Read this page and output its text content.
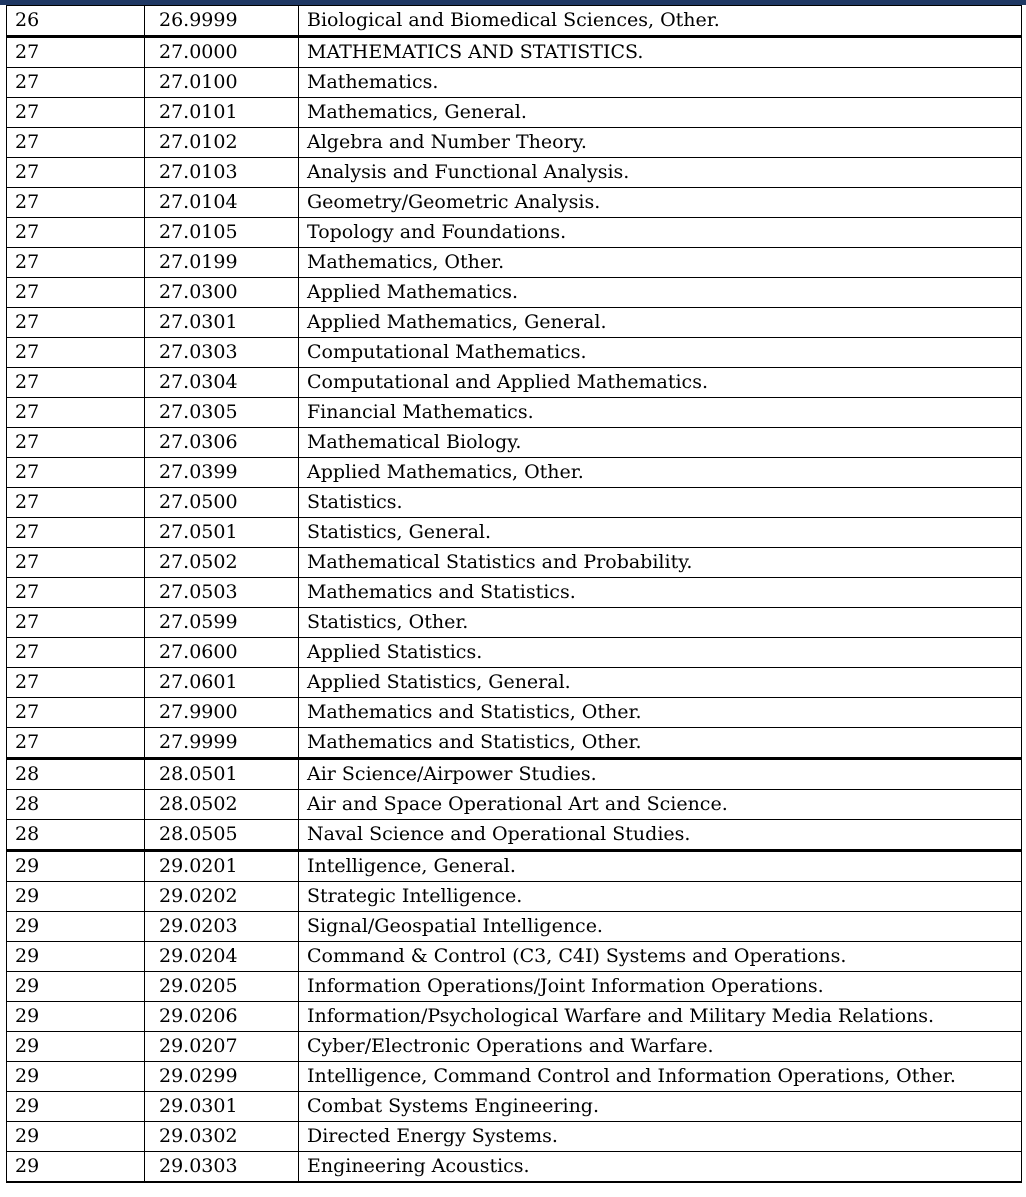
26	26.9999	Biological and Biomedical Sciences, Other.
27	27.0000	MATHEMATICS AND STATISTICS.
27	27.0100	Mathematics.
27	27.0101	Mathematics, General.
27	27.0102	Algebra and Number Theory.
27	27.0103	Analysis and Functional Analysis.
27	27.0104	Geometry/Geometric Analysis.
27	27.0105	Topology and Foundations.
27	27.0199	Mathematics, Other.
27	27.0300	Applied Mathematics.
27	27.0301	Applied Mathematics, General.
27	27.0303	Computational Mathematics.
27	27.0304	Computational and Applied Mathematics.
27	27.0305	Financial Mathematics.
27	27.0306	Mathematical Biology.
27	27.0399	Applied Mathematics, Other.
27	27.0500	Statistics.
27	27.0501	Statistics, General.
27	27.0502	Mathematical Statistics and Probability.
27	27.0503	Mathematics and Statistics.
27	27.0599	Statistics, Other.
27	27.0600	Applied Statistics.
27	27.0601	Applied Statistics, General.
27	27.9900	Mathematics and Statistics, Other.
27	27.9999	Mathematics and Statistics, Other.
28	28.0501	Air Science/Airpower Studies.
28	28.0502	Air and Space Operational Art and Science.
28	28.0505	Naval Science and Operational Studies.
29	29.0201	Intelligence, General.
29	29.0202	Strategic Intelligence.
29	29.0203	Signal/Geospatial Intelligence.
29	29.0204	Command & Control (C3, C4I) Systems and Operations.
29	29.0205	Information Operations/Joint Information Operations.
29	29.0206	Information/Psychological Warfare and Military Media Relations.
29	29.0207	Cyber/Electronic Operations and Warfare.
29	29.0299	Intelligence, Command Control and Information Operations, Other.
29	29.0301	Combat Systems Engineering.
29	29.0302	Directed Energy Systems.
29	29.0303	Engineering Acoustics.
